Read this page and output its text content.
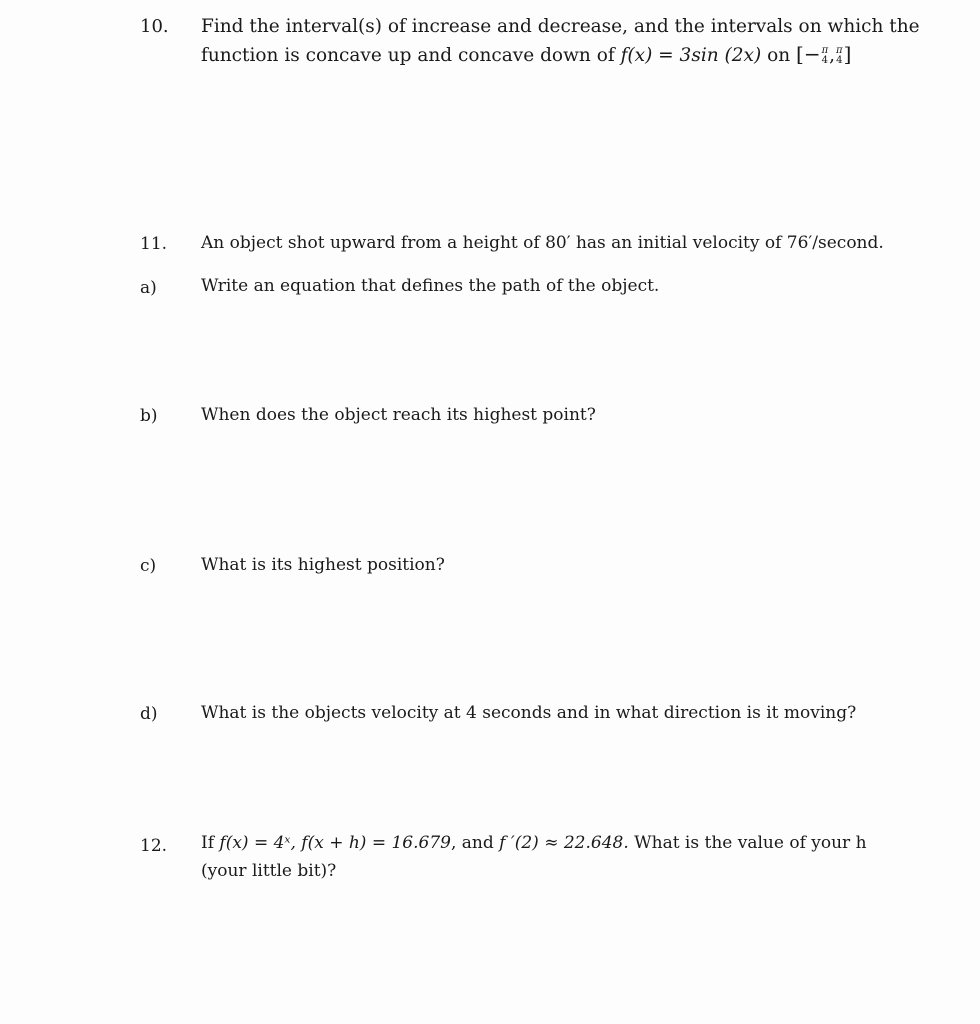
10. Find the interval(s) of increase and decrease, and the intervals on which the
function is concave up and concave down of f(x) = 3sin (2x) on [− π
4 , π
4 ]
11. An object shot upward from a height of 80′ has an initial velocity of 76′/second.
a)	Write an equation that defines the path of the object.
b)	When does the object reach its highest point?
c)	What is its highest position?
d)	What is the objects velocity at 4 seconds and in what direction is it moving?
12. If f(x) = 4ˣ, f(x + h) = 16.679, and f ′(2) ≈ 22.648. What is the value of your h
(your little bit)?
